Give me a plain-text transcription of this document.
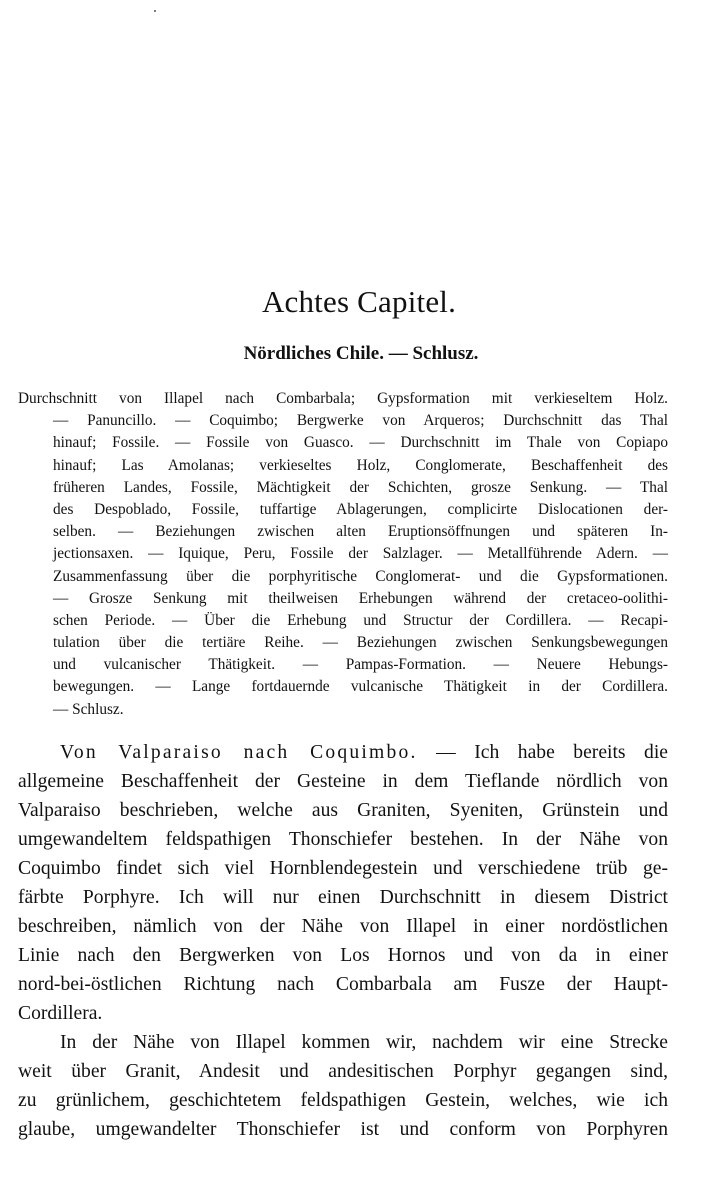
Achtes Capitel.
Nördliches Chile. — Schlusz.
Durchschnitt von Illapel nach Combarbala; Gypsformation mit verkieseltem Holz.
— Panuncillo. — Coquimbo; Bergwerke von Arqueros; Durchschnitt das Thal
hinauf; Fossile. — Fossile von Guasco. — Durchschnitt im Thale von Copiapo
hinauf; Las Amolanas; verkieseltes Holz, Conglomerate, Beschaffenheit des
früheren Landes, Fossile, Mächtigkeit der Schichten, grosze Senkung. — Thal
des Despoblado, Fossile, tuffartige Ablagerungen, complicirte Dislocationen der-
selben. — Beziehungen zwischen alten Eruptionsöffnungen und späteren In-
jectionsaxen. — Iquique, Peru, Fossile der Salzlager. — Metallführende Adern. —
Zusammenfassung über die porphyritische Conglomerat- und die Gypsformationen.
— Grosze Senkung mit theilweisen Erhebungen während der cretaceo-oolithi-
schen Periode. — Über die Erhebung und Structur der Cordillera. — Recapi-
tulation über die tertiäre Reihe. — Beziehungen zwischen Senkungsbewegungen
und vulcanischer Thätigkeit. — Pampas-Formation. — Neuere Hebungs-
bewegungen. — Lange fortdauernde vulcanische Thätigkeit in der Cordillera.
— Schlusz.
Von Valparaiso nach Coquimbo. — Ich habe bereits die
allgemeine Beschaffenheit der Gesteine in dem Tieflande nördlich von
Valparaiso beschrieben, welche aus Graniten, Syeniten, Grünstein und
umgewandeltem feldspathigen Thonschiefer bestehen. In der Nähe von
Coquimbo findet sich viel Hornblendegestein und verschiedene trüb ge-
färbte Porphyre. Ich will nur einen Durchschnitt in diesem District
beschreiben, nämlich von der Nähe von Illapel in einer nordöstlichen
Linie nach den Bergwerken von Los Hornos und von da in einer
nord-bei-östlichen Richtung nach Combarbala am Fusze der Haupt-
Cordillera.
In der Nähe von Illapel kommen wir, nachdem wir eine Strecke
weit über Granit, Andesit und andesitischen Porphyr gegangen sind,
zu grünlichem, geschichtetem feldspathigen Gestein, welches, wie ich
glaube, umgewandelter Thonschiefer ist und conform von Porphyren
